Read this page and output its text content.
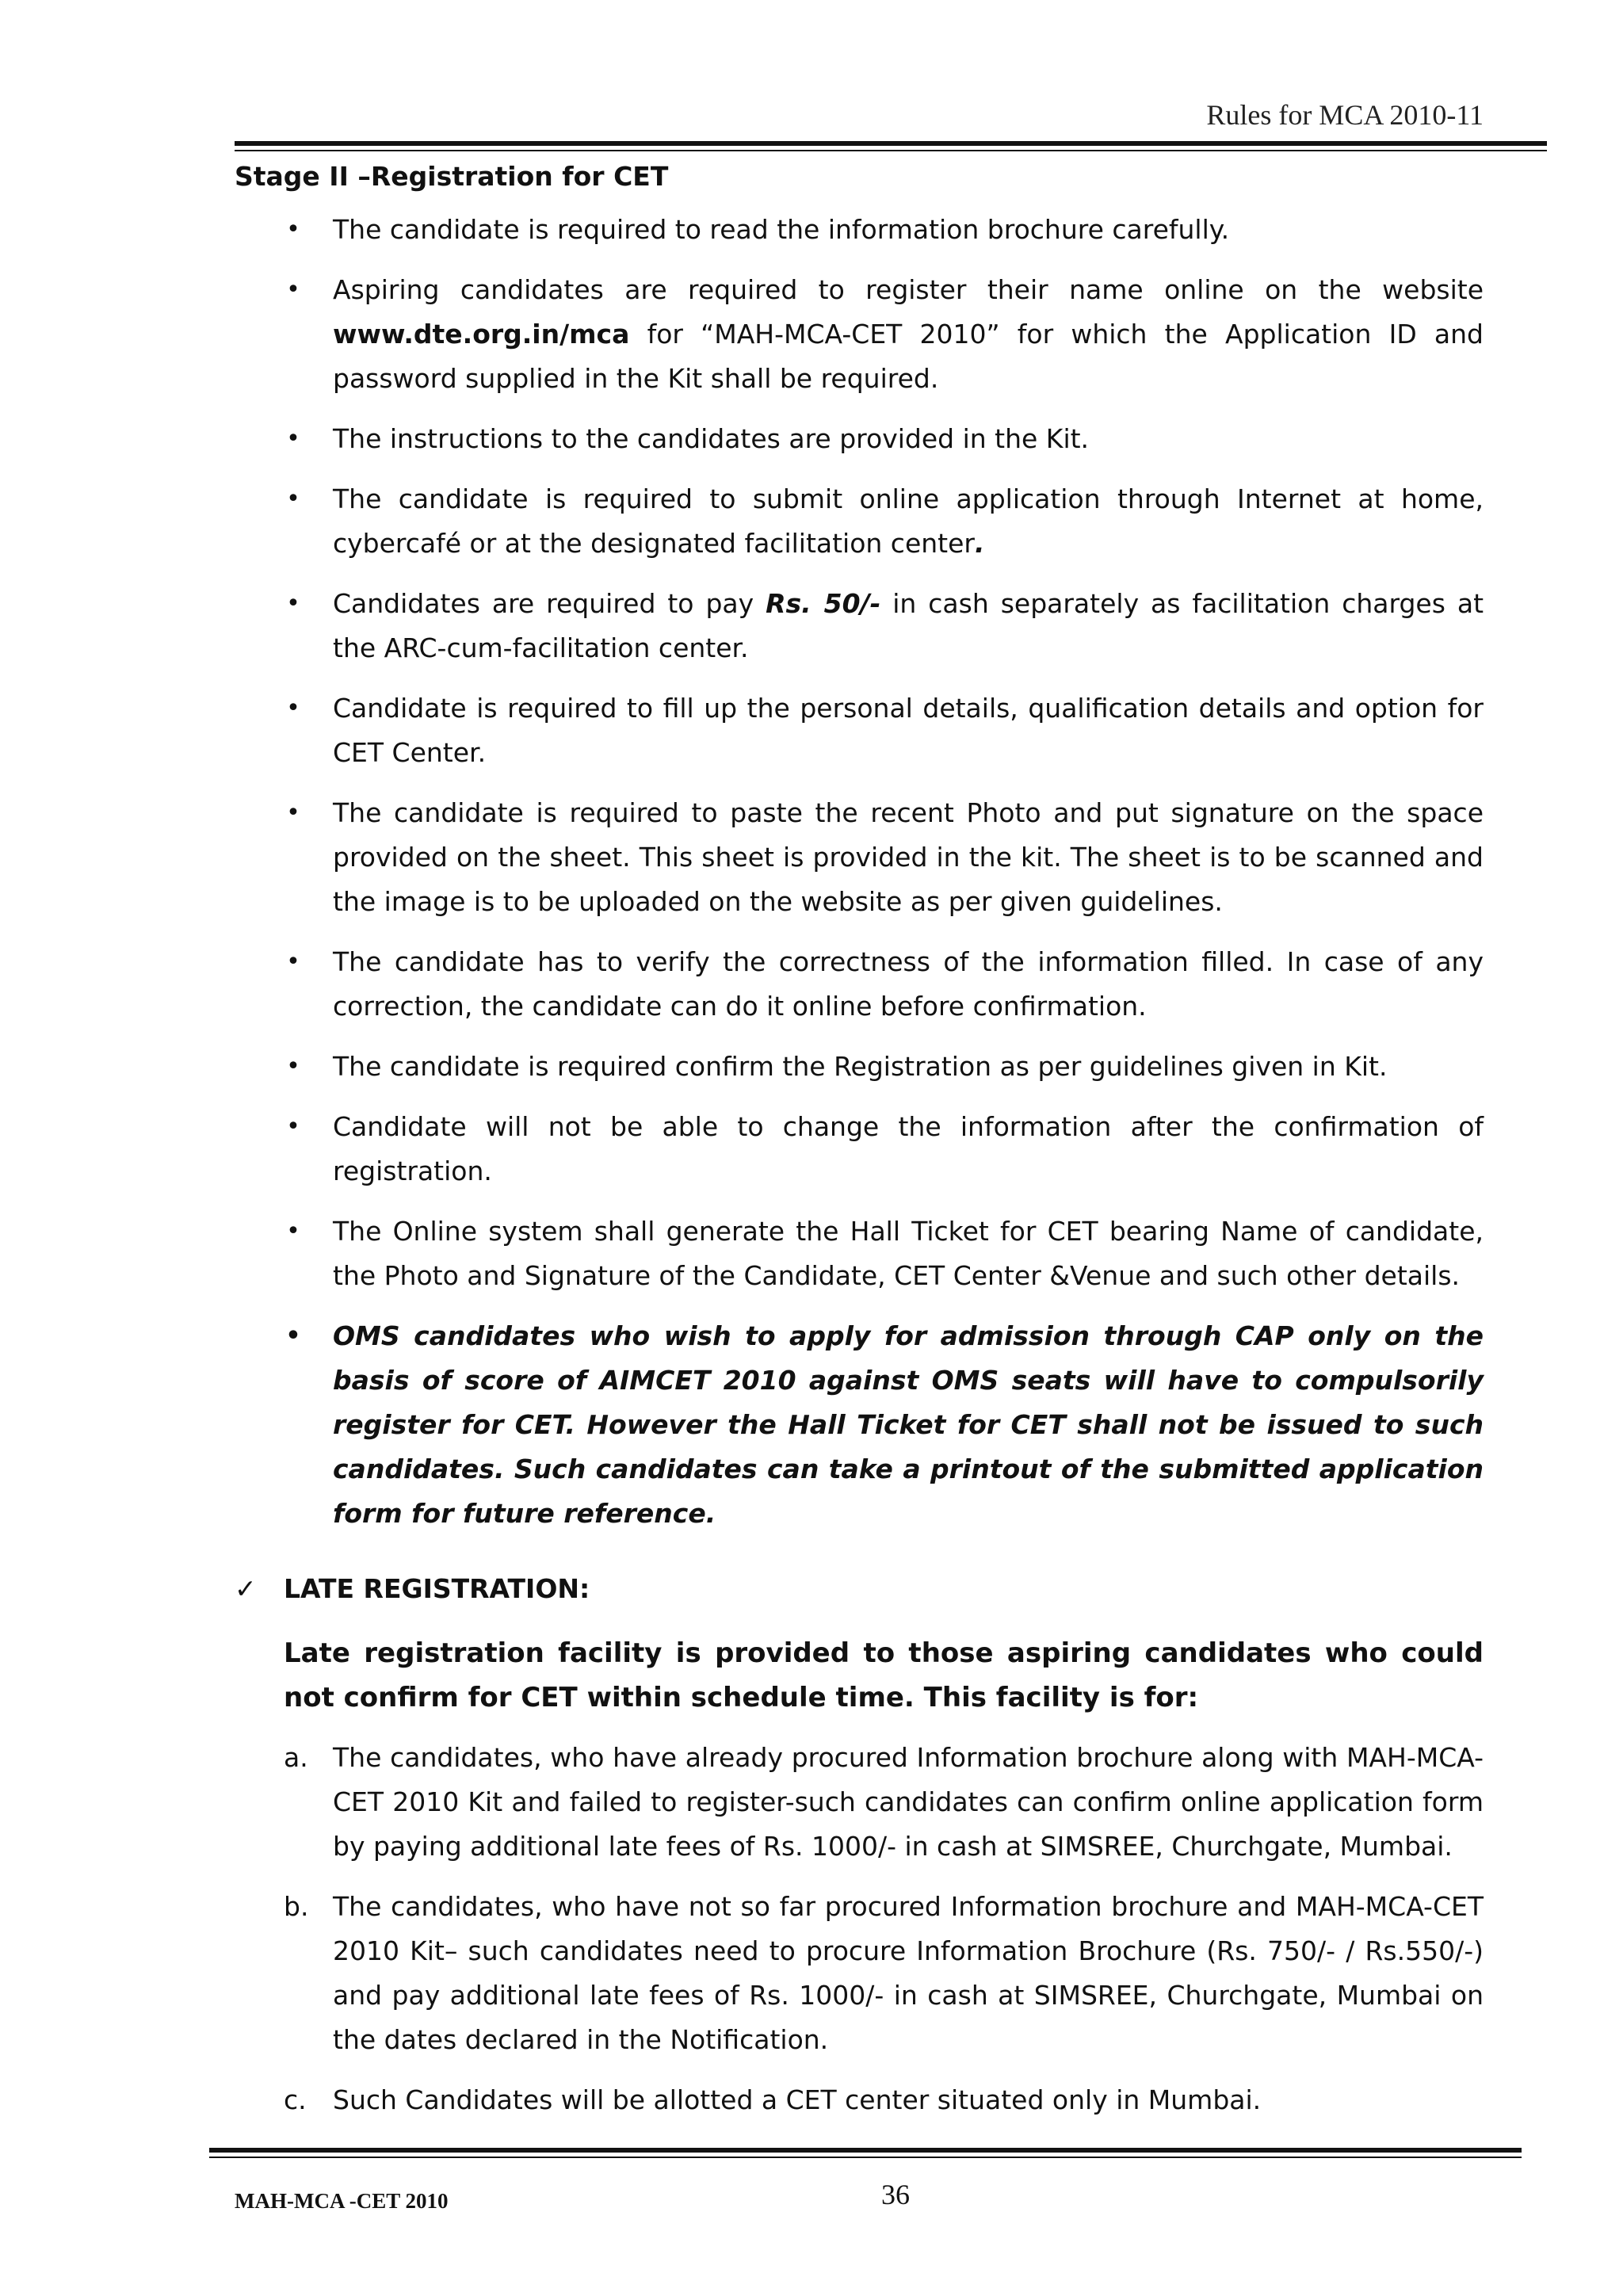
Rules for MCA 2010-11
Stage II –Registration for CET
• The candidate is required to read the information brochure carefully.
• Aspiring candidates are required to register their name online on the website www.dte.org.in/mca for “MAH-MCA-CET 2010” for which the Application ID and password supplied in the Kit shall be required.
• The instructions to the candidates are provided in the Kit.
• The candidate is required to submit online application through Internet at home, cybercafé or at the designated facilitation center.
• Candidates are required to pay Rs. 50/- in cash separately as facilitation charges at the ARC-cum-facilitation center.
• Candidate is required to fill up the personal details, qualification details and option for CET Center.
• The candidate is required to paste the recent Photo and put signature on the space provided on the sheet. This sheet is provided in the kit. The sheet is to be scanned and the image is to be uploaded on the website as per given guidelines.
• The candidate has to verify the correctness of the information filled. In case of any correction, the candidate can do it online before confirmation.
• The candidate is required confirm the Registration as per guidelines given in Kit.
• Candidate will not be able to change the information after the confirmation of registration.
• The Online system shall generate the Hall Ticket for CET bearing Name of candidate, the Photo and Signature of the Candidate, CET Center &Venue and such other details.
• OMS candidates who wish to apply for admission through CAP only on the basis of score of AIMCET 2010 against OMS seats will have to compulsorily register for CET. However the Hall Ticket for CET shall not be issued to such candidates. Such candidates can take a printout of the submitted application form for future reference.
✓ LATE REGISTRATION:
Late registration facility is provided to those aspiring candidates who could not confirm for CET within schedule time. This facility is for:
a. The candidates, who have already procured Information brochure along with MAH-MCA-CET 2010 Kit and failed to register-such candidates can confirm online application form by paying additional late fees of Rs. 1000/- in cash at SIMSREE, Churchgate, Mumbai.
b. The candidates, who have not so far procured Information brochure and MAH-MCA-CET 2010 Kit– such candidates need to procure Information Brochure (Rs. 750/- / Rs.550/-) and pay additional late fees of Rs. 1000/- in cash at SIMSREE, Churchgate, Mumbai on the dates declared in the Notification.
c. Such Candidates will be allotted a CET center situated only in Mumbai.
MAH-MCA -CET 2010	36
